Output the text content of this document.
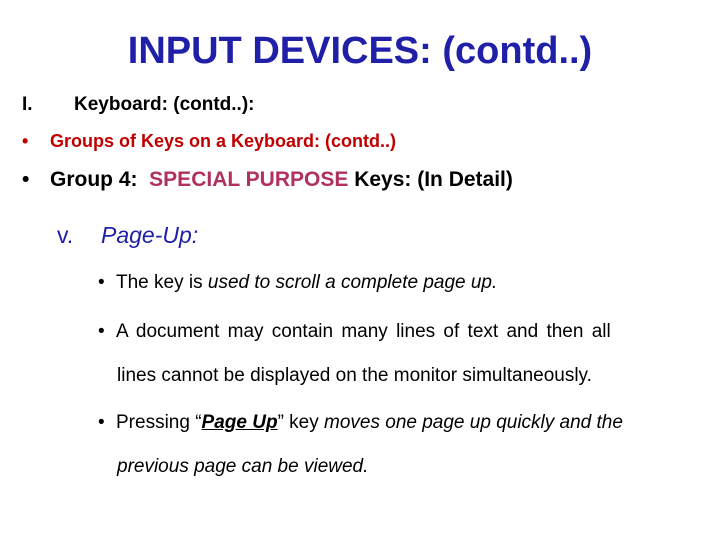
INPUT DEVICES: (contd..)
I. Keyboard: (contd..):
• Groups of Keys on a Keyboard: (contd..)
• Group 4: SPECIAL PURPOSE Keys: (In Detail)
v. Page-Up:
• The key is used to scroll a complete page up.
• A document may contain many lines of text and then all
lines cannot be displayed on the monitor simultaneously.
• Pressing “Page Up” key moves one page up quickly and the
previous page can be viewed.
